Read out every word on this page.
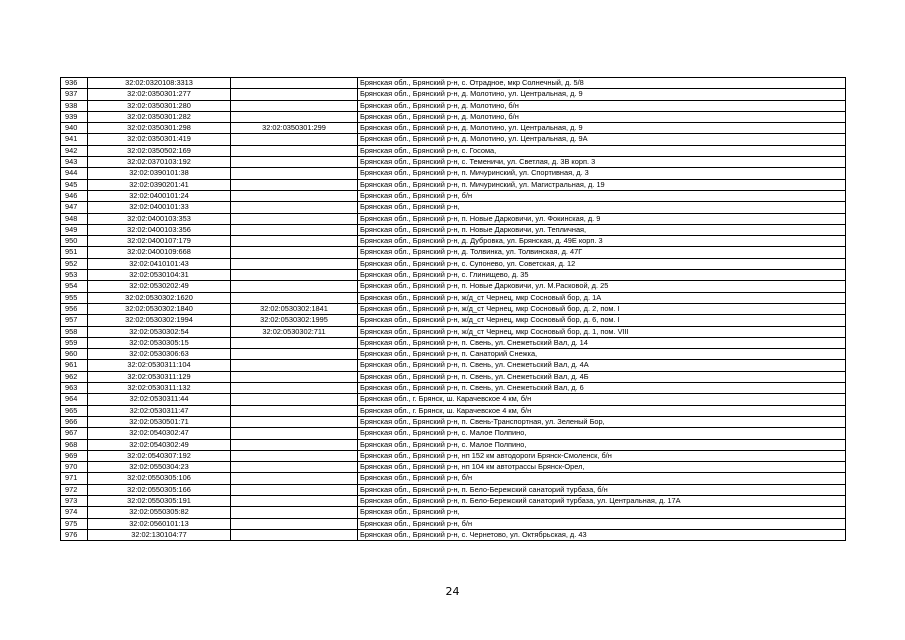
936	32:02:0320108:3313		Брянская обл., Брянский р-н, с. Отрадное, мкр Солнечный, д. 5/8
937	32:02:0350301:277		Брянская обл., Брянский р-н, д. Молотино, ул. Центральная, д. 9
938	32:02:0350301:280		Брянская обл., Брянский р-н, д. Молотино, б/н
939	32:02:0350301:282		Брянская обл., Брянский р-н, д. Молотино, б/н
940	32:02:0350301:298	32:02:0350301:299	Брянская обл., Брянский р-н, д. Молотино, ул. Центральная, д. 9
941	32:02:0350301:419		Брянская обл., Брянский р-н, д. Молотино, ул. Центральная, д. 9А
942	32:02:0350502:169		Брянская обл., Брянский р-н, с. Госома,
943	32:02:0370103:192		Брянская обл., Брянский р-н, с. Теменичи, ул. Светлая, д. 3В корп. 3
944	32:02:0390101:38		Брянская обл., Брянский р-н, п. Мичуринский, ул. Спортивная, д. 3
945	32:02:0390201:41		Брянская обл., Брянский р-н, п. Мичуринский, ул. Магистральная, д. 19
946	32:02:0400101:24		Брянская обл., Брянский р-н, б/н
947	32:02:0400101:33		Брянская обл., Брянский р-н,
948	32:02:0400103:353		Брянская обл., Брянский р-н, п. Новые Дарковичи, ул. Фокинская, д. 9
949	32:02:0400103:356		Брянская обл., Брянский р-н, п. Новые Дарковичи, ул. Тепличная,
950	32:02:0400107:179		Брянская обл., Брянский р-н, д. Дубровка, ул. Брянская, д. 49Е корп. 3
951	32:02:0400109:668		Брянская обл., Брянский р-н, д. Толвинка, ул. Толвинская, д. 47Г
952	32:02:0410101:43		Брянская обл., Брянский р-н, с. Супонево, ул. Советская, д. 12
953	32:02:0530104:31		Брянская обл., Брянский р-н, с. Глинищево, д. 35
954	32:02:0530202:49		Брянская обл., Брянский р-н, п. Новые Дарковичи, ул. М.Расковой, д. 25
955	32:02:0530302:1620		Брянская обл., Брянский р-н, ж/д_ст Чернец, мкр Сосновый бор, д. 1А
956	32:02:0530302:1840	32:02:0530302:1841	Брянская обл., Брянский р-н, ж/д_ст Чернец, мкр Сосновый бор, д. 2, пом. I
957	32:02:0530302:1994	32:02:0530302:1995	Брянская обл., Брянский р-н, ж/д_ст Чернец, мкр Сосновый бор, д. 6, пом. I
958	32:02:0530302:54	32:02:0530302:711	Брянская обл., Брянский р-н, ж/д_ст Чернец, мкр Сосновый бор, д. 1, пом. VIII
959	32:02:0530305:15		Брянская обл., Брянский р-н, п. Свень, ул. Снежетьский Вал, д. 14
960	32:02:0530306:63		Брянская обл., Брянский р-н, п. Санаторий Снежка,
961	32:02:0530311:104		Брянская обл., Брянский р-н, п. Свень, ул. Снежетьский Вал, д. 4А
962	32:02:0530311:129		Брянская обл., Брянский р-н, п. Свень, ул. Снежетьский Вал, д. 4Б
963	32:02:0530311:132		Брянская обл., Брянский р-н, п. Свень, ул. Снежетьский Вал, д. 6
964	32:02:0530311:44		Брянская обл., г. Брянск, ш. Карачевское 4 км, б/н
965	32:02:0530311:47		Брянская обл., г. Брянск, ш. Карачевское 4 км, б/н
966	32:02:0530501:71		Брянская обл., Брянский р-н, п. Свень-Транспортная, ул. Зеленый Бор,
967	32:02:0540302:47		Брянская обл., Брянский р-н, с. Малое Полпино,
968	32:02:0540302:49		Брянская обл., Брянский р-н, с. Малое Полпино,
969	32:02:0540307:192		Брянская обл., Брянский р-н, нп 152 км автодороги Брянск-Смоленск, б/н
970	32:02:0550304:23		Брянская обл., Брянский р-н, нп 104 км автотрассы Брянск-Орел,
971	32:02:0550305:106		Брянская обл., Брянский р-н, б/н
972	32:02:0550305:166		Брянская обл., Брянский р-н, п. Бело-Бережский санаторий турбаза, б/н
973	32:02:0550305:191		Брянская обл., Брянский р-н, п. Бело-Бережский санаторий турбаза, ул. Центральная, д. 17А
974	32:02:0550305:82		Брянская обл., Брянский р-н,
975	32:02:0560101:13		Брянская обл., Брянский р-н, б/н
976	32:02:130104:77		Брянская обл., Брянский р-н, с. Чернетово, ул. Октябрьская, д. 43
24
